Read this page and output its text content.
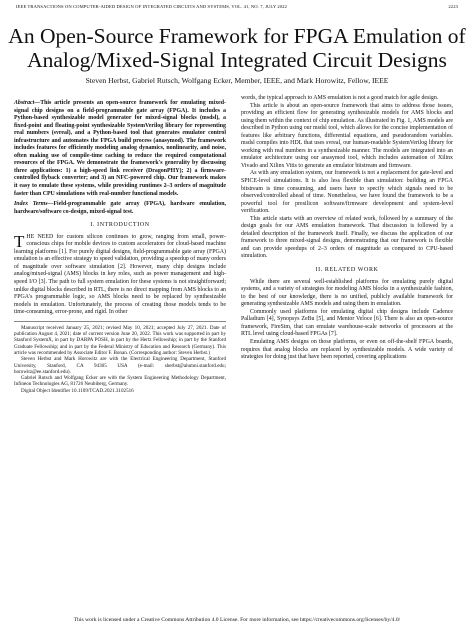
IEEE TRANSACTIONS ON COMPUTER-AIDED DESIGN OF INTEGRATED CIRCUITS AND SYSTEMS, VOL. 41, NO. 7, JULY 2022	2223
An Open-Source Framework for FPGA Emulation of Analog/Mixed-Signal Integrated Circuit Designs
Steven Herbst, Gabriel Rutsch, Wolfgang Ecker, Member, IEEE, and Mark Horowitz, Fellow, IEEE
Abstract—This article presents an open-source framework for emulating mixed-signal chip designs on a field-programmable gate array (FPGA). It includes a Python-based synthesizable model generator for mixed-signal blocks (msdsl), a fixed-point and floating-point synthesizable SystemVerilog library for representing real numbers (svreal), and a Python-based tool that generates emulator control infrastructure and automates the FPGA build process (anasymod). The framework includes features for efficiently modeling analog dynamics, nonlinearity, and noise, often making use of compile-time caching to reduce the required computational resources of the FPGA. We demonstrate the framework's generality by discussing three applications: 1) a high-speed link receiver (DragonPHY); 2) a firmware-controlled flyback converter; and 3) an NFC-powered chip. Our framework makes it easy to emulate these systems, while providing runtimes 2–3 orders of magnitude faster than CPU simulations with real-number functional models.
Index Terms—Field-programmable gate array (FPGA), hardware emulation, hardware/software co-design, mixed-signal test.
I. INTRODUCTION

THE NEED for custom silicon continues to grow, ranging from small, power-conscious chips for mobile devices to custom accelerators for cloud-based machine learning platforms [1]. For purely digital designs, field-programmable gate array (FPGA) emulation is an effective strategy to speed validation, providing a speedup of many orders of magnitude over software simulation [2]. However, many chip designs include analog/mixed-signal (AMS) blocks in key roles, such as power management and high-speed I/O [3]. The path to full system emulation for these systems is not straightforward; unlike digital blocks described in RTL, there is no direct mapping from AMS blocks to an FPGA's programmable logic, so AMS blocks need to be replaced by synthesizable models in emulation. Unfortunately, the process of creating those models tends to be time-consuming, error-prone, and rigid. In other

Manuscript received January 25, 2021; revised May 10, 2021; accepted July 27, 2021. Date of publication August 4, 2021; date of current version June 20, 2022. This work was supported in part by Stanford SystemX, in part by DARPA POSH, in part by the Hertz Fellowship; in part by the Stanford Graduate Fellowship; and in part by the Federal Ministry of Education and Research (Germany). This article was recommended by Associate Editor F. Bonan. (Corresponding author: Steven Herbst.)

Steven Herbst and Mark Horowitz are with the Electrical Engineering Department, Stanford University, Stanford, CA 94305 USA (e-mail: sherbst@alumni.stanford.edu; horowitz@ee.stanford.edu).

Gabriel Rutsch and Wolfgang Ecker are with the System Engineering Methodology Department, Infineon Technologies AG, 81726 Neubiberg, Germany.

Digital Object Identifier 10.1109/TCAD.2021.3102516

words, the typical approach to AMS emulation is not a good match for agile design.

This article is about an open-source framework that aims to address those issues, providing an efficient flow for generating synthesizable models for AMS blocks and using them within the context of chip emulation. As illustrated in Fig. 1, AMS models are described in Python using our msdsl tool, which allows for the concise implementation of features like arbitrary functions, differential equations, and pseudorandom variables. msdsl compiles into HDL that uses svreal, our human-readable SystemVerilog library for working with real numbers in a synthesizable manner. The models are integrated into an emulator architecture using our anasymod tool, which includes automation of Xilinx Vivado and Xilinx Vitis to generate an emulator bitstream and firmware.

As with any emulation system, our framework is not a replacement for gate-level and SPICE-level simulations. It is also less flexible than simulation: building an FPGA bitstream is time consuming, and users have to specify which signals need to be observed/controlled ahead of time. Nonetheless, we have found the framework to be a powerful tool for presilicon software/firmware development and system-level verification.

This article starts with an overview of related work, followed by a summary of the design goals for our AMS emulation framework. That discussion is followed by a detailed description of the framework itself. Finally, we discuss the application of our framework to three mixed-signal designs, demonstrating that our framework is flexible and can provide speedups of 2–3 orders of magnitude as compared to CPU-based simulation.

II. RELATED WORK

While there are several well-established platforms for emulating purely digital systems, and a variety of strategies for modeling AMS blocks in a synthesizable fashion, to the best of our knowledge, there is no unified, publicly available framework for generating synthesizable AMS models and using them in emulation.

Commonly used platforms for emulating digital chip designs include Cadence Palladium [4], Synopsys ZeBu [5], and Mentor Veloce [6]. There is also an open-source framework, FireSim, that can emulate warehouse-scale networks of processors at the RTL level using cloud-based FPGAs [7].

Emulating AMS designs on those platforms, or even on off-the-shelf FPGA boards, requires that analog blocks are replaced by synthesizable models. A wide variety of strategies for doing just that have been reported, covering applications

This work is licensed under a Creative Commons Attribution 4.0 License. For more information, see https://creativecommons.org/licenses/by/4.0/
